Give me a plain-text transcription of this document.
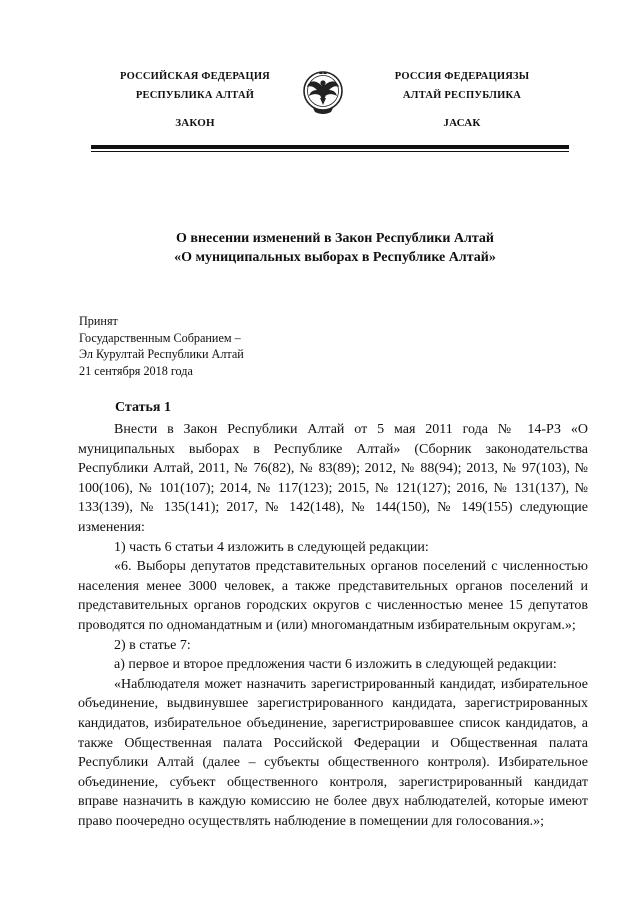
РОССИЙСКАЯ ФЕДЕРАЦИЯ
РЕСПУБЛИКА АЛТАЙ
ЗАКОН
РОССИЯ ФЕДЕРАЦИЯЗЫ
АЛТАЙ РЕСПУБЛИКА
JАСАК
О внесении изменений в Закон Республики Алтай
«О муниципальных выборах в Республике Алтай»
Принят
Государственным Собранием –
Эл Курултай Республики Алтай
21 сентября 2018 года
Статья 1

Внести в Закон Республики Алтай от 5 мая 2011 года № 14-РЗ «О муниципальных выборах в Республике Алтай» (Сборник законодательства Республики Алтай, 2011, № 76(82), № 83(89); 2012, № 88(94); 2013, № 97(103), № 100(106), № 101(107); 2014, № 117(123); 2015, № 121(127); 2016, № 131(137), № 133(139), № 135(141); 2017, № 142(148), № 144(150), № 149(155) следующие изменения:

1) часть 6 статьи 4 изложить в следующей редакции:

«6. Выборы депутатов представительных органов поселений с численностью населения менее 3000 человек, а также представительных органов поселений и представительных органов городских округов с численностью менее 15 депутатов проводятся по одномандатным и (или) многомандатным избирательным округам.»;

2) в статье 7:

а) первое и второе предложения части 6 изложить в следующей редакции:

«Наблюдателя может назначить зарегистрированный кандидат, избирательное объединение, выдвинувшее зарегистрированного кандидата, зарегистрированных кандидатов, избирательное объединение, зарегистрировавшее список кандидатов, а также Общественная палата Российской Федерации и Общественная палата Республики Алтай (далее – субъекты общественного контроля). Избирательное объединение, субъект общественного контроля, зарегистрированный кандидат вправе назначить в каждую комиссию не более двух наблюдателей, которые имеют право поочередно осуществлять наблюдение в помещении для голосования.»;
